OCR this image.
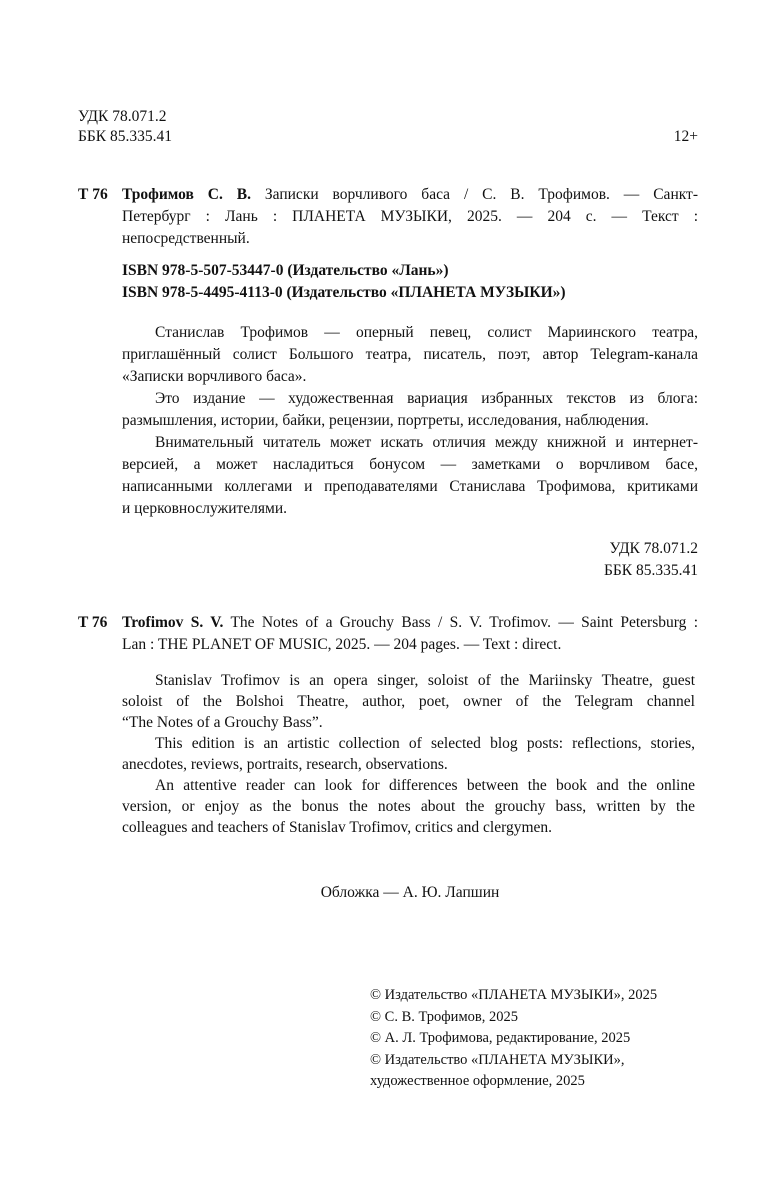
УДК 78.071.2
ББК 85.335.41	12+
Т 76 Трофимов С. В. Записки ворчливого баса / С. В. Трофимов. — Санкт-
Петербург : Лань : ПЛАНЕТА МУЗЫКИ, 2025. — 204 с. — Текст :
непосредственный.
ISBN 978-5-507-53447-0 (Издательство «Лань»)
ISBN 978-5-4495-4113-0 (Издательство «ПЛАНЕТА МУЗЫКИ»)
Станислав Трофимов — оперный певец, солист Мариинского театра,
приглашённый солист Большого театра, писатель, поэт, автор Telegram-канала
«Записки ворчливого баса».
Это издание — художественная вариация избранных текстов из блога:
размышления, истории, байки, рецензии, портреты, исследования, наблюдения.
Внимательный читатель может искать отличия между книжной и интернет-
версией, а может насладиться бонусом — заметками о ворчливом басе,
написанными коллегами и преподавателями Станислава Трофимова, критиками
и церковнослужителями.
УДК 78.071.2
ББК 85.335.41
T 76 Trofimov S. V. The Notes of a Grouchy Bass / S. V. Trofimov. — Saint Petersburg :
Lan : THE PLANET OF MUSIC, 2025. — 204 pages. — Text : direct.
Stanislav Trofimov is an opera singer, soloist of the Mariinsky Theatre, guest
soloist of the Bolshoi Theatre, author, poet, owner of the Telegram channel
“The Notes of a Grouchy Bass”.
This edition is an artistic collection of selected blog posts: reflections, stories,
anecdotes, reviews, portraits, research, observations.
An attentive reader can look for differences between the book and the online
version, or enjoy as the bonus the notes about the grouchy bass, written by the
colleagues and teachers of Stanislav Trofimov, critics and clergymen.
Обложка — А. Ю. Лапшин
© Издательство «ПЛАНЕТА МУЗЫКИ», 2025
© С. В. Трофимов, 2025
© А. Л. Трофимова, редактирование, 2025
© Издательство «ПЛАНЕТА МУЗЫКИ»,
художественное оформление, 2025
